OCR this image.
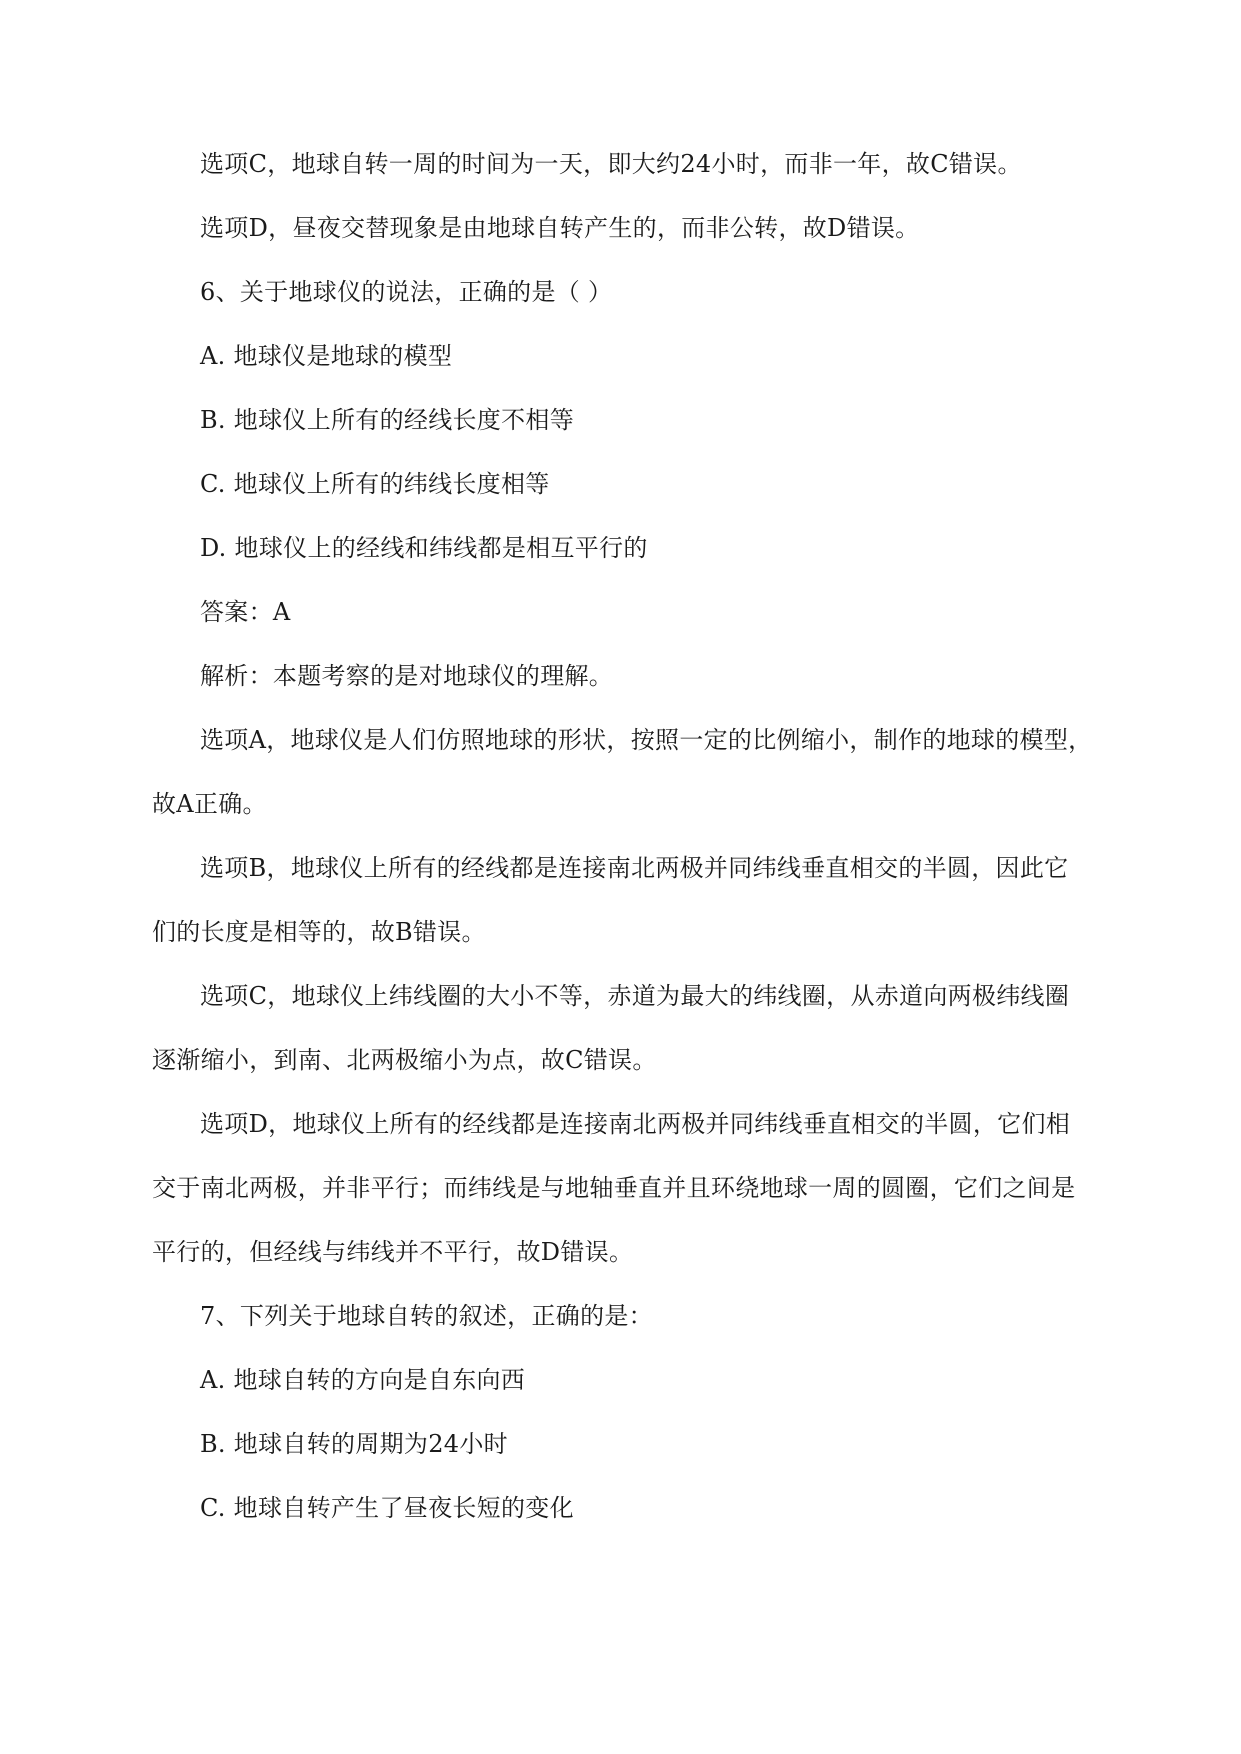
选项C，地球自转一周的时间为一天，即大约24小时，而非一年，故C错误。
选项D，昼夜交替现象是由地球自转产生的，而非公转，故D错误。
6、关于地球仪的说法，正确的是（ ）
A. 地球仪是地球的模型
B. 地球仪上所有的经线长度不相等
C. 地球仪上所有的纬线长度相等
D. 地球仪上的经线和纬线都是相互平行的
答案：A
解析：本题考察的是对地球仪的理解。
选项A，地球仪是人们仿照地球的形状，按照一定的比例缩小，制作的地球的模型，
故A正确。
选项B，地球仪上所有的经线都是连接南北两极并同纬线垂直相交的半圆，因此它
们的长度是相等的，故B错误。
选项C，地球仪上纬线圈的大小不等，赤道为最大的纬线圈，从赤道向两极纬线圈
逐渐缩小，到南、北两极缩小为点，故C错误。
选项D，地球仪上所有的经线都是连接南北两极并同纬线垂直相交的半圆，它们相
交于南北两极，并非平行；而纬线是与地轴垂直并且环绕地球一周的圆圈，它们之间是
平行的，但经线与纬线并不平行，故D错误。
7、下列关于地球自转的叙述，正确的是：
A. 地球自转的方向是自东向西
B. 地球自转的周期为24小时
C. 地球自转产生了昼夜长短的变化
